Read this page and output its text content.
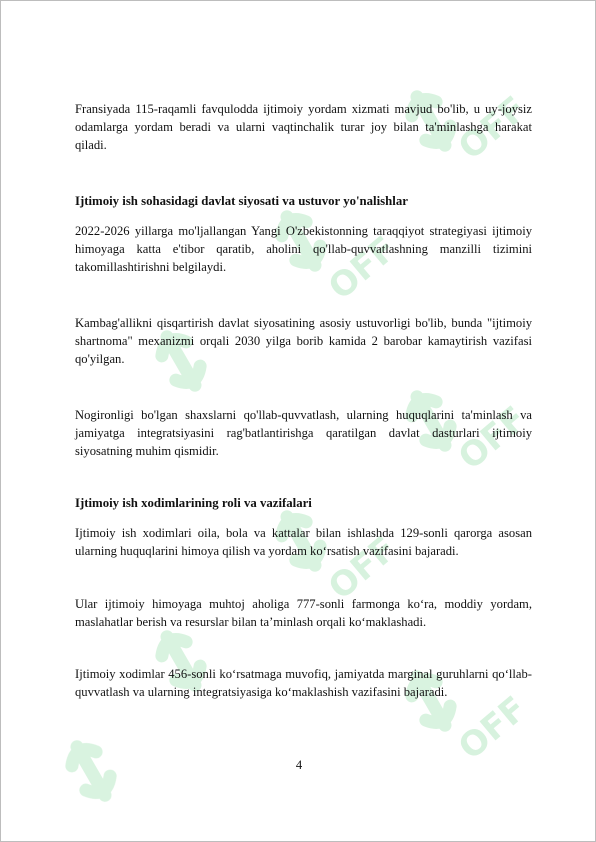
OFF
OFF
OFF
OFF
OFF

Fransiyada 115-raqamli favqulodda ijtimoiy yordam xizmati mavjud bo'lib, u uy-joysiz odamlarga yordam beradi va ularni vaqtinchalik turar joy bilan ta'minlashga harakat qiladi.

Ijtimoiy ish sohasidagi davlat siyosati va ustuvor yo'nalishlar

2022-2026 yillarga mo'ljallangan Yangi O'zbekistonning taraqqiyot strategiyasi ijtimoiy himoyaga katta e'tibor qaratib, aholini qo'llab-quvvatlashning manzilli tizimini takomillashtirishni belgilaydi.

Kambag'allikni qisqartirish davlat siyosatining asosiy ustuvorligi bo'lib, bunda "ijtimoiy shartnoma" mexanizmi orqali 2030 yilga borib kamida 2 barobar kamaytirish vazifasi qo'yilgan.

Nogironligi bo'lgan shaxslarni qo'llab-quvvatlash, ularning huquqlarini ta'minlash va jamiyatga integratsiyasini rag'batlantirishga qaratilgan davlat dasturlari ijtimoiy siyosatning muhim qismidir.

Ijtimoiy ish xodimlarining roli va vazifalari

Ijtimoiy ish xodimlari oila, bola va kattalar bilan ishlashda 129-sonli qarorga asosan ularning huquqlarini himoya qilish va yordam ko‘rsatish vazifasini bajaradi.

Ular ijtimoiy himoyaga muhtoj aholiga 777-sonli farmonga ko‘ra, moddiy yordam, maslahatlar berish va resurslar bilan ta’minlash orqali ko‘maklashadi.

Ijtimoiy xodimlar 456-sonli ko‘rsatmaga muvofiq, jamiyatda marginal guruhlarni qo‘llab-quvvatlash va ularning integratsiyasiga ko‘maklashish vazifasini bajaradi.

4
